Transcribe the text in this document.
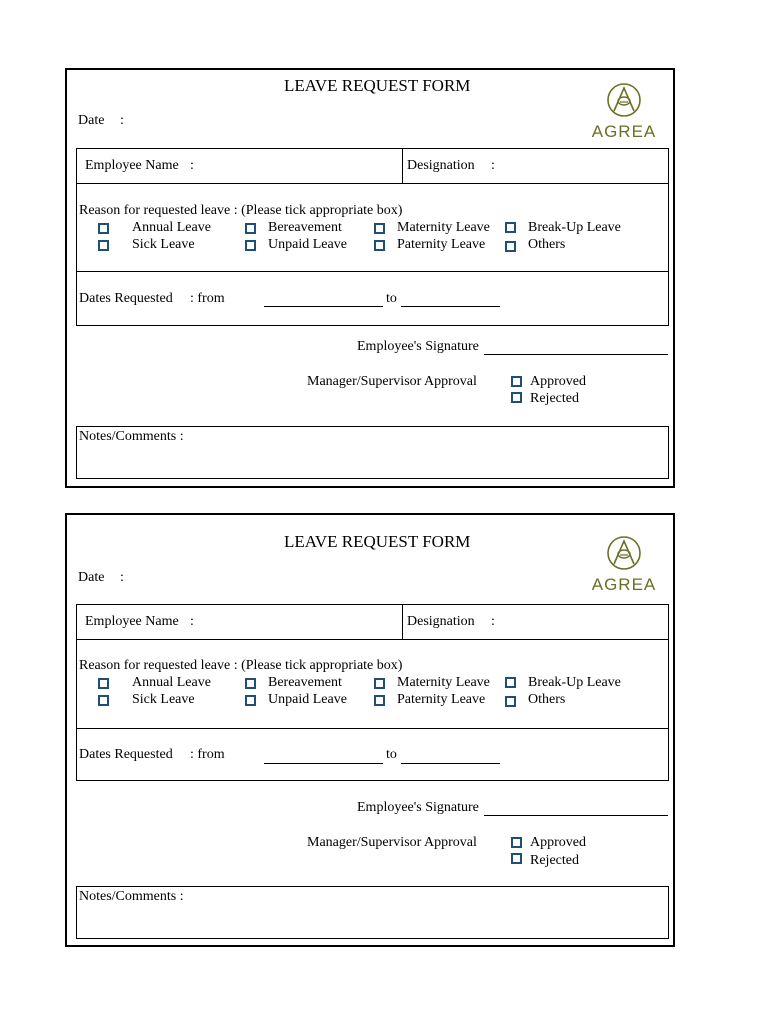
LEAVE REQUEST FORM
Date :
AGREA
Employee Name :	Designation :
Reason for requested leave : (Please tick appropriate box)
Annual Leave
Sick Leave
Bereavement
Unpaid Leave
Maternity Leave
Paternity Leave
Break-Up Leave
Others
Dates Requested : from	to
Employee's Signature
Manager/Supervisor Approval	Approved
Rejected
Notes/Comments :
LEAVE REQUEST FORM
Date :	AGREA
Employee Name :	Designation :
Reason for requested leave : (Please tick appropriate box)
Annual Leave
Sick Leave
Bereavement
Unpaid Leave
Maternity Leave
Paternity Leave
Break-Up Leave
Others
Dates Requested : from	to
Employee's Signature
Manager/Supervisor Approval	Approved
Rejected
Notes/Comments :
